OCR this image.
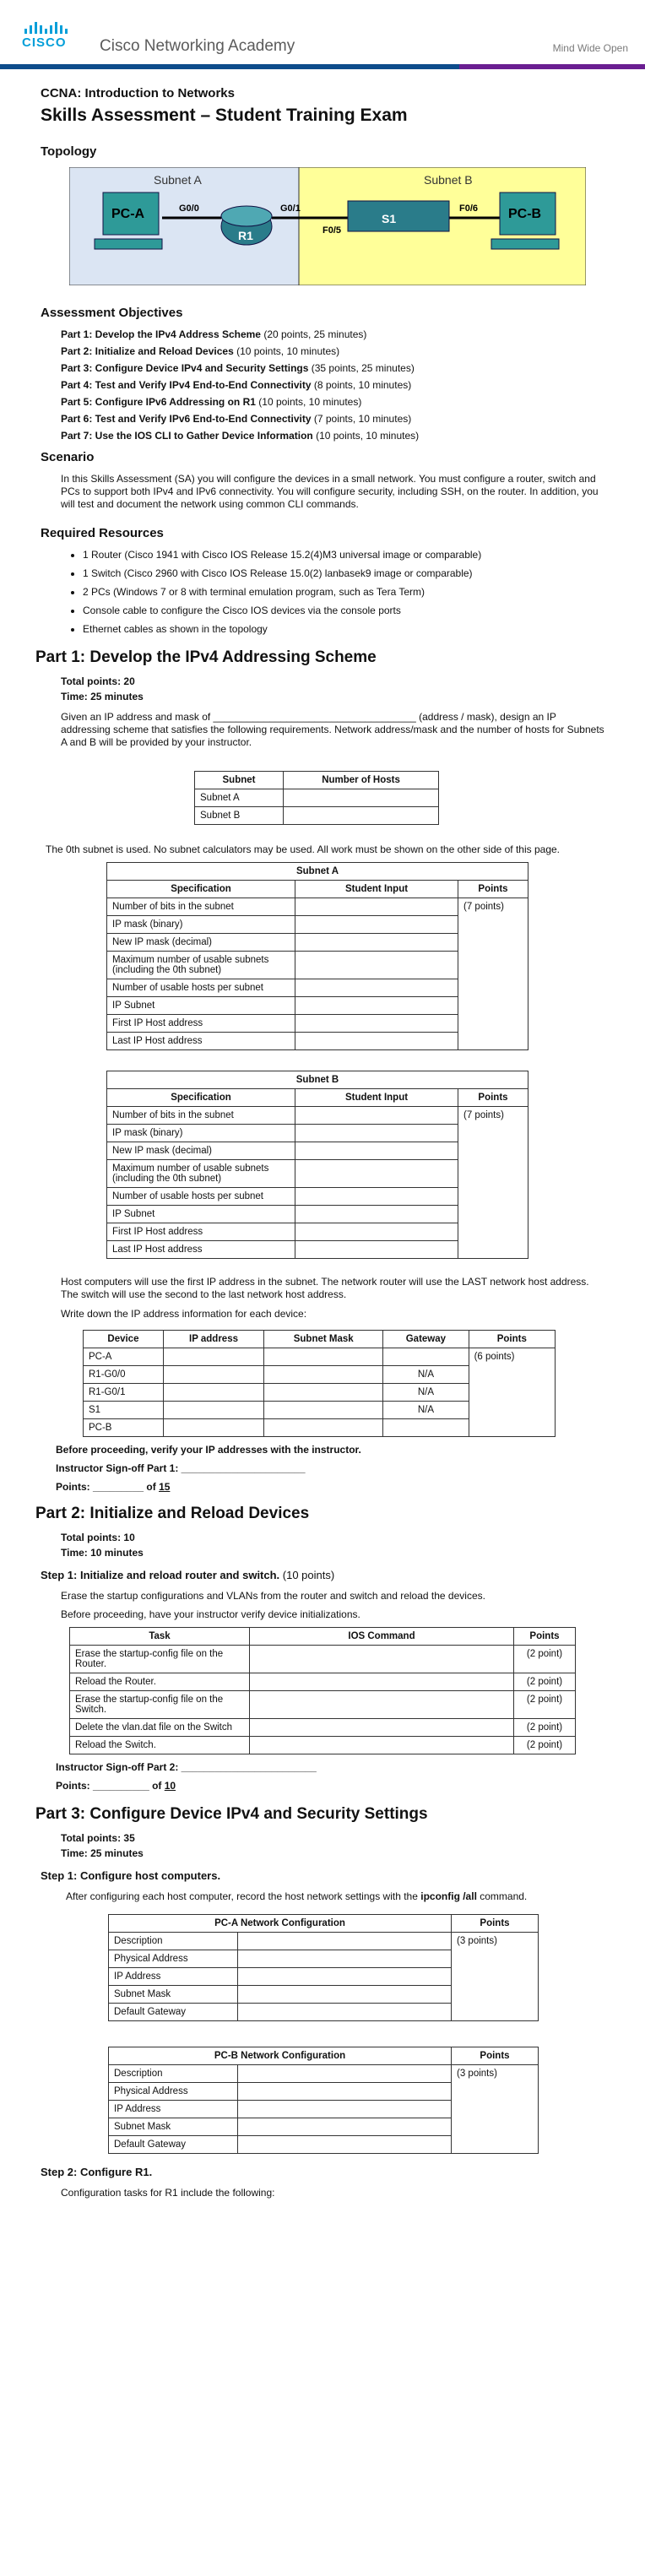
CISCO Cisco Networking Academy	Mind Wide Open

CCNA: Introduction to Networks

Skills Assessment – Student Training Exam

Topology
Subnet A	Subnet B
PC-A
R1
S1	PC-B
G0/0	G0/1
F0/5
F0/6
Assessment Objectives

Part 1: Develop the IPv4 Address Scheme (20 points, 25 minutes)

Part 2: Initialize and Reload Devices (10 points, 10 minutes)

Part 3: Configure Device IPv4 and Security Settings (35 points, 25 minutes)

Part 4: Test and Verify IPv4 End-to-End Connectivity (8 points, 10 minutes)

Part 5: Configure IPv6 Addressing on R1 (10 points, 10 minutes)

Part 6: Test and Verify IPv6 End-to-End Connectivity (7 points, 10 minutes)

Part 7: Use the IOS CLI to Gather Device Information (10 points, 10 minutes)

Scenario

In this Skills Assessment (SA) you will configure the devices in a small network. You must configure a router, switch and PCs to support both IPv4 and IPv6 connectivity. You will configure security, including SSH, on the router. In addition, you will test and document the network using common CLI commands.

Required Resources
• 1 Router (Cisco 1941 with Cisco IOS Release 15.2(4)M3 universal image or comparable)
• 1 Switch (Cisco 2960 with Cisco IOS Release 15.0(2) lanbasek9 image or comparable)
• 2 PCs (Windows 7 or 8 with terminal emulation program, such as Tera Term)
• Console cable to configure the Cisco IOS devices via the console ports
• Ethernet cables as shown in the topology

Part 1: Develop the IPv4 Addressing Scheme

Total points: 20

Time: 25 minutes

Given an IP address and mask of ____________________________________ (address / mask), design an IP addressing scheme that satisfies the following requirements. Network address/mask and the number of hosts for Subnets A and B will be provided by your instructor.

Subnet	Number of Hosts
Subnet A	
Subnet B	

The 0th subnet is used. No subnet calculators may be used. All work must be shown on the other side of this page.

Subnet A		
Specification	Student Input	Points
Number of bits in the subnet		(7 points)
IP mask (binary)		
New IP mask (decimal)		
Maximum number of usable subnets (including the 0th subnet)		
Number of usable hosts per subnet		
IP Subnet		
First IP Host address		
Last IP Host address		
Subnet B		
Specification	Student Input	Points
Number of bits in the subnet		(7 points)
IP mask (binary)		
New IP mask (decimal)		
Maximum number of usable subnets (including the 0th subnet)		
Number of usable hosts per subnet		
IP Subnet		
First IP Host address		
Last IP Host address		

Host computers will use the first IP address in the subnet. The network router will use the LAST network host address. The switch will use the second to the last network host address.

Write down the IP address information for each device:

Device	IP address	Subnet Mask	Gateway	Points
PC-A				(6 points)
R1-G0/0			N/A	
R1-G0/1			N/A	
S1			N/A	
PC-B				

Before proceeding, verify your IP addresses with the instructor.

Instructor Sign-off Part 1: ______________________

Points: _________ of 15

Part 2: Initialize and Reload Devices

Total points: 10

Time: 10 minutes

Step 1: Initialize and reload router and switch. (10 points)

Erase the startup configurations and VLANs from the router and switch and reload the devices.

Before proceeding, have your instructor verify device initializations.

Task	IOS Command	Points
Erase the startup-config file on the Router.		(2 point)
Reload the Router.		(2 point)
Erase the startup-config file on the Switch.		(2 point)
Delete the vlan.dat file on the Switch		(2 point)
Reload the Switch.		(2 point)

Instructor Sign-off Part 2: ________________________

Points: __________ of 10

Part 3: Configure Device IPv4 and Security Settings

Total points: 35

Time: 25 minutes

Step 1: Configure host computers.

After configuring each host computer, record the host network settings with the ipconfig /all command.

PC-A Network Configuration		Points
Description		(3 points)
Physical Address		
IP Address		
Subnet Mask		
Default Gateway		
PC-B Network Configuration		Points
Description		(3 points)
Physical Address		
IP Address		
Subnet Mask		
Default Gateway		

Step 2: Configure R1.

Configuration tasks for R1 include the following:
